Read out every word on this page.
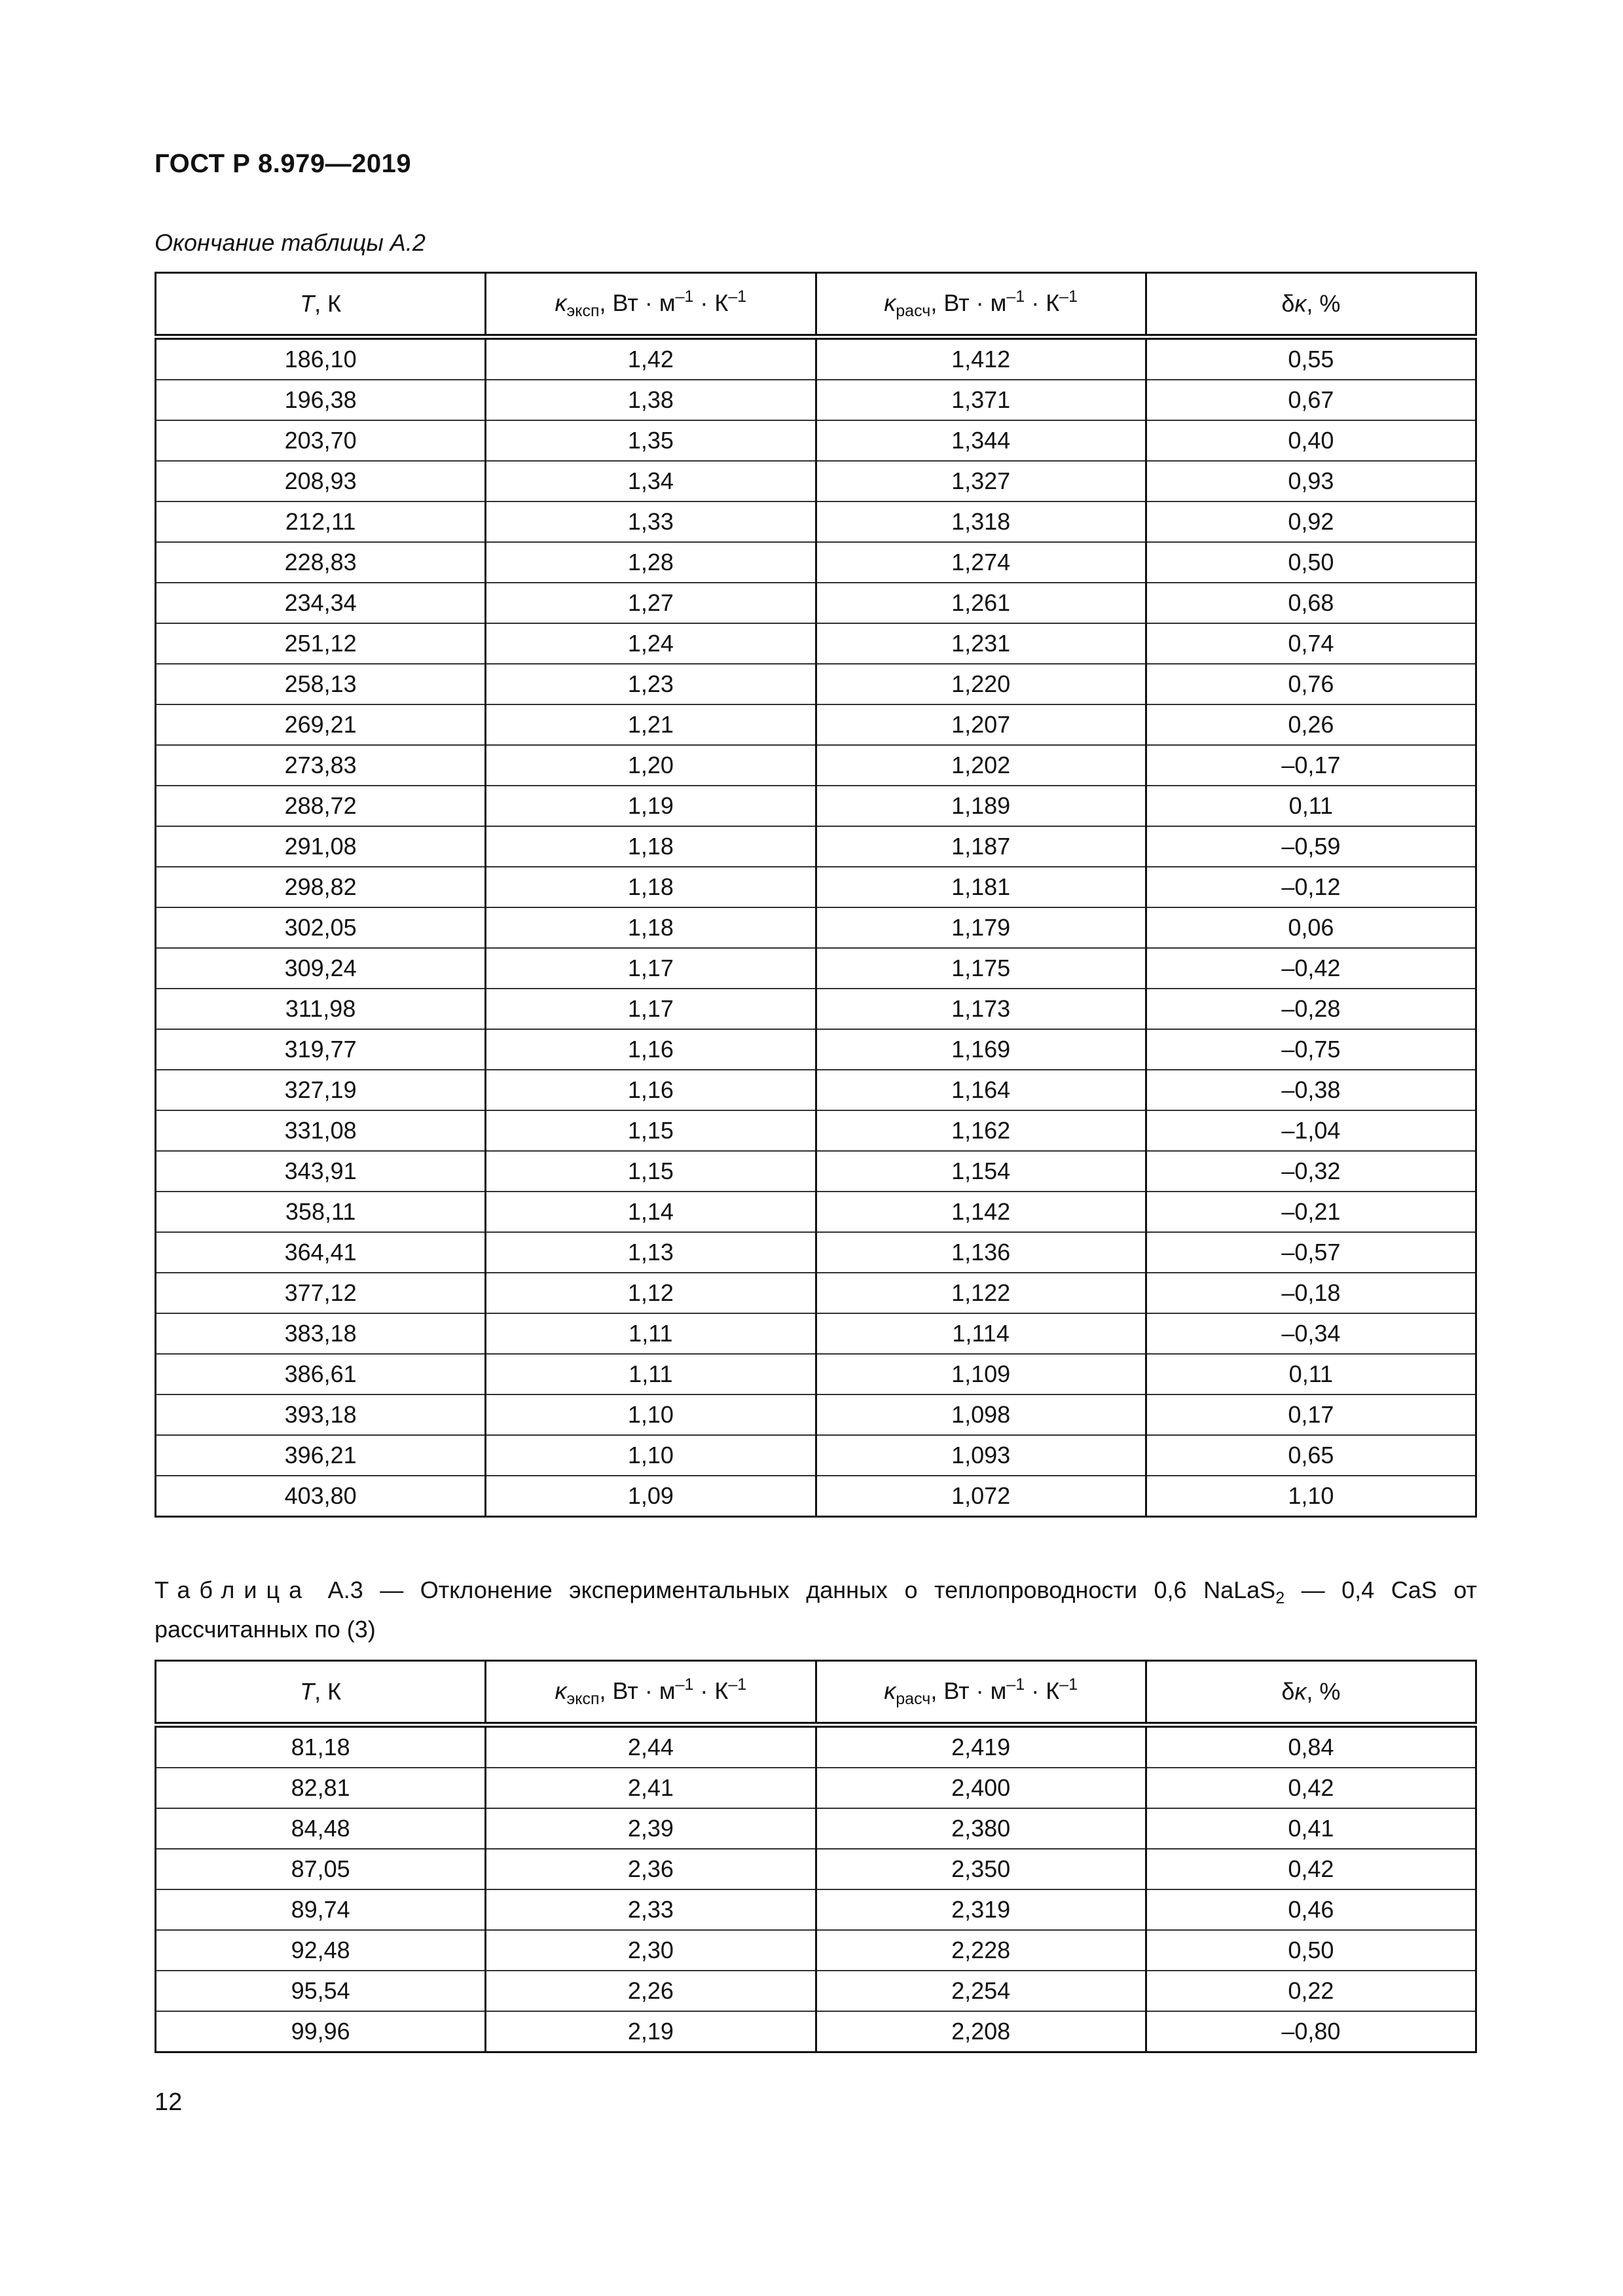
ГОСТ Р 8.979—2019
Окончание таблицы А.2
T, К	$\kappa_{эксп}$, Вт · $м^{-1} \cdot К^{-1}$	$\kappa_{расч}$, Вт · $м^{-1} \cdot К^{-1}$	δκ, %
186,10	1,42	1,412	0,55
196,38	1,38	1,371	0,67
203,70	1,35	1,344	0,40
208,93	1,34	1,327	0,93
212,11	1,33	1,318	0,92
228,83	1,28	1,274	0,50
234,34	1,27	1,261	0,68
251,12	1,24	1,231	0,74
258,13	1,23	1,220	0,76
269,21	1,21	1,207	0,26
273,83	1,20	1,202	–0,17
288,72	1,19	1,189	0,11
291,08	1,18	1,187	–0,59
298,82	1,18	1,181	–0,12
302,05	1,18	1,179	0,06
309,24	1,17	1,175	–0,42
311,98	1,17	1,173	–0,28
319,77	1,16	1,169	–0,75
327,19	1,16	1,164	–0,38
331,08	1,15	1,162	–1,04
343,91	1,15	1,154	–0,32
358,11	1,14	1,142	–0,21
364,41	1,13	1,136	–0,57
377,12	1,12	1,122	–0,18
383,18	1,11	1,114	–0,34
386,61	1,11	1,109	0,11
393,18	1,10	1,098	0,17
396,21	1,10	1,093	0,65
403,80	1,09	1,072	1,10
Таблица А.3 — Отклонение экспериментальных данных о теплопроводности 0,6 NaLaS$_2$ — 0,4 CaS от рассчитанных по (3)
T, К	$\kappa_{эксп}$, Вт · $м^{-1} \cdot К^{-1}$	$\kappa_{расч}$, Вт · $м^{-1} \cdot К^{-1}$	δκ, %
81,18	2,44	2,419	0,84
82,81	2,41	2,400	0,42
84,48	2,39	2,380	0,41
87,05	2,36	2,350	0,42
89,74	2,33	2,319	0,46
92,48	2,30	2,228	0,50
95,54	2,26	2,254	0,22
99,96	2,19	2,208	–0,80
12
